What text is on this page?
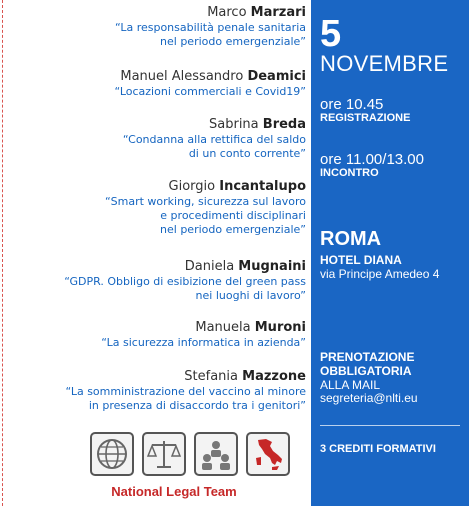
Marco Marzari
“La responsabilità penale sanitaria
nel periodo emergenziale”
Manuel Alessandro Deamici
“Locazioni commerciali e Covid19”
Sabrina Breda
“Condanna alla rettifica del saldo
di un conto corrente”
Giorgio Incantalupo
“Smart working, sicurezza sul lavoro
e procedimenti disciplinari
nel periodo emergenziale”
Daniela Mugnaini
“GDPR. Obbligo di esibizione del green pass
nei luoghi di lavoro”
Manuela Muroni
“La sicurezza informatica in azienda”
Stefania Mazzone
“La somministrazione del vaccino al minore
in presenza di disaccordo tra i genitori”
National Legal Team
5
NOVEMBRE
ore 10.45
REGISTRAZIONE
ore 11.00/13.00
INCONTRO
ROMA
HOTEL DIANA
via Principe Amedeo 4
PRENOTAZIONE
OBBLIGATORIA
ALLA MAIL
segreteria@nlti.eu
3 CREDITI FORMATIVI
